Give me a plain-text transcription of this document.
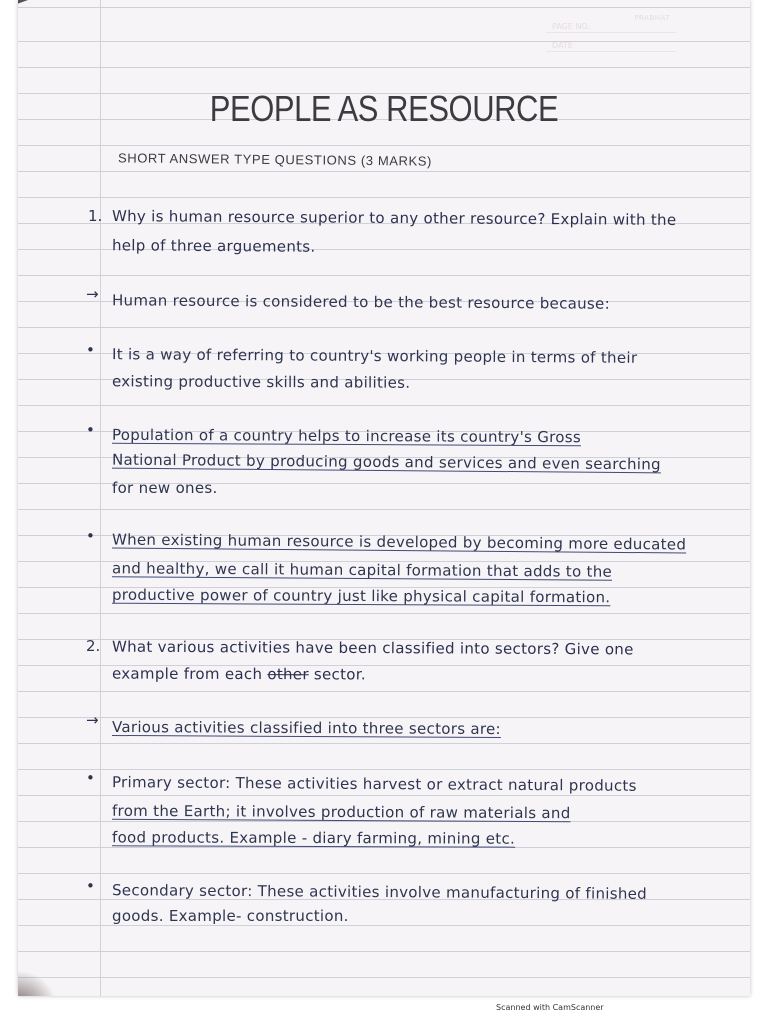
PRABHAT
PAGE NO.
DATE
PEOPLE AS RESOURCE
SHORT ANSWER TYPE QUESTIONS (3 MARKS)
1. Why is human resource superior to any other resource? Explain with the
help of three arguements.
→ Human resource is considered to be the best resource because:
• It is a way of referring to country's working people in terms of their
existing productive skills and abilities.
• Population of a country helps to increase its country's Gross
National Product by producing goods and services and even searching
for new ones.
• When existing human resource is developed by becoming more educated
and healthy, we call it human capital formation that adds to the
productive power of country just like physical capital formation.
2. What various activities have been classified into sectors? Give one
example from each other sector.
→ Various activities classified into three sectors are:
• Primary sector: These activities harvest or extract natural products
from the Earth; it involves production of raw materials and
food products. Example - diary farming, mining etc.
• Secondary sector: These activities involve manufacturing of finished
goods. Example- construction.
Scanned with CamScanner
